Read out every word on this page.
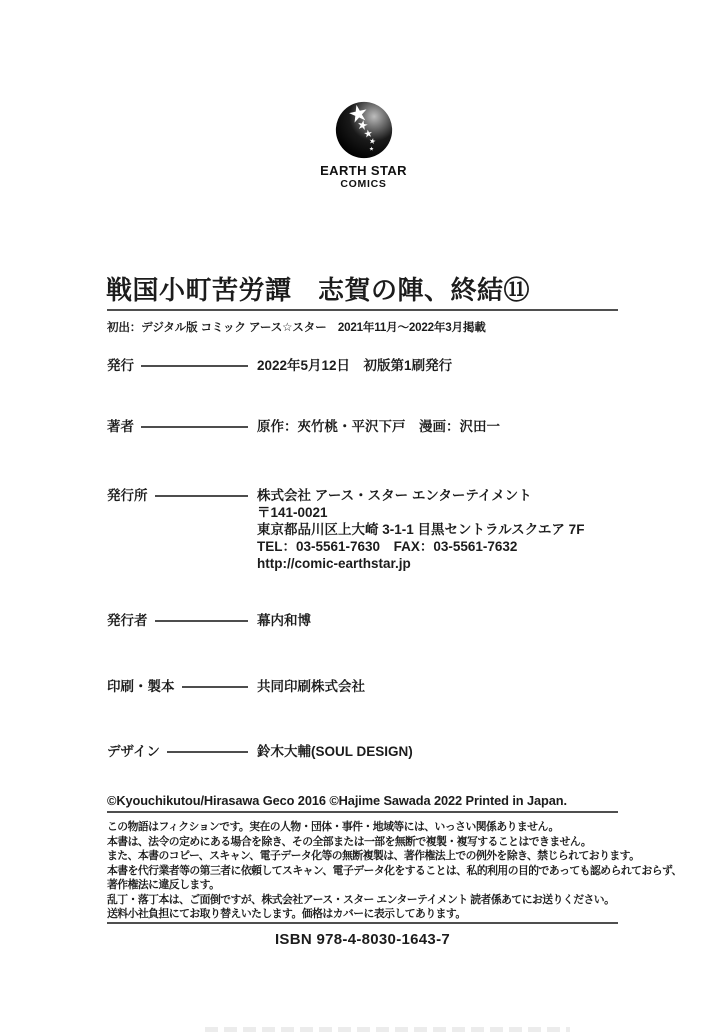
EARTH STAR
COMICS
戦国小町苦労譚　志賀の陣、終結⑪
初出：デジタル版 コミック アース☆スター　2021年11月～2022年3月掲載
発行	2022年5月12日　初版第1刷発行
著者	原作：夾竹桃・平沢下戸　漫画：沢田一
発行所	株式会社 アース・スター エンターテイメント
〒141-0021
東京都品川区上大崎 3-1-1 目黒セントラルスクエア 7F
TEL：03-5561-7630　FAX：03-5561-7632
http://comic-earthstar.jp
発行者	幕内和博
印刷・製本	共同印刷株式会社
デザイン	鈴木大輔(SOUL DESIGN)
©Kyouchikutou/Hirasawa Geco 2016 ©Hajime Sawada 2022 Printed in Japan.
この物語はフィクションです。実在の人物・団体・事件・地域等には、いっさい関係ありません。
本書は、法令の定めにある場合を除き、その全部または一部を無断で複製・複写することはできません。
また、本書のコピー、スキャン、電子データ化等の無断複製は、著作権法上での例外を除き、禁じられております。
本書を代行業者等の第三者に依頼してスキャン、電子データ化をすることは、私的利用の目的であっても認められておらず、
著作権法に違反します。
乱丁・落丁本は、ご面倒ですが、株式会社アース・スター エンターテイメント 読者係あてにお送りください。
送料小社負担にてお取り替えいたします。価格はカバーに表示してあります。
ISBN 978-4-8030-1643-7
